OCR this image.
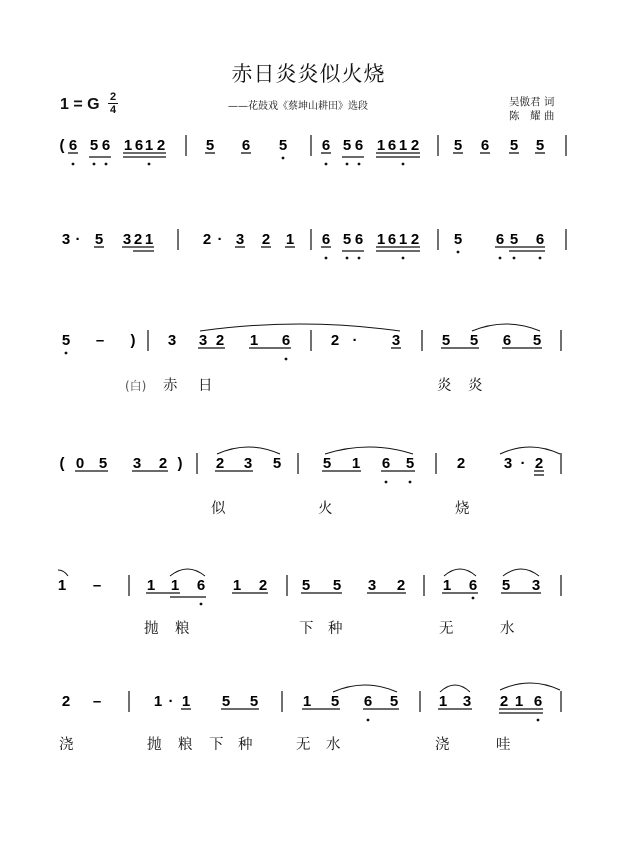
赤日炎炎似火烧
1 = G 2
4	——花鼓戏《蔡坤山耕田》选段	吴傲君 词
陈　耀 曲
( 6 5 6 1 6 1 2	5 6 5 6 5 6 1 6 1 2 5 6 5 5
3 · 5 3 2 1	2 · 3 2 1 6 5 6 1 6 1 2 5 6 5 6
5 – ) 3 3 2 1 6	2 · 3	5 5 6 5
( 0 5 3 2 ) 2 3 5	5 1 6 5	2	3 · 2
1 –	1 1 6 1 2 5 5 3 2	1 6 5 3
2 –	1 · 1 5 5	1 5 6 5	1 3 2 1 6
(白) 赤 日	炎 炎
似	火	烧
抛 粮	下 种	无	水
浇	抛 粮 下 种	无 水	浇	哇
